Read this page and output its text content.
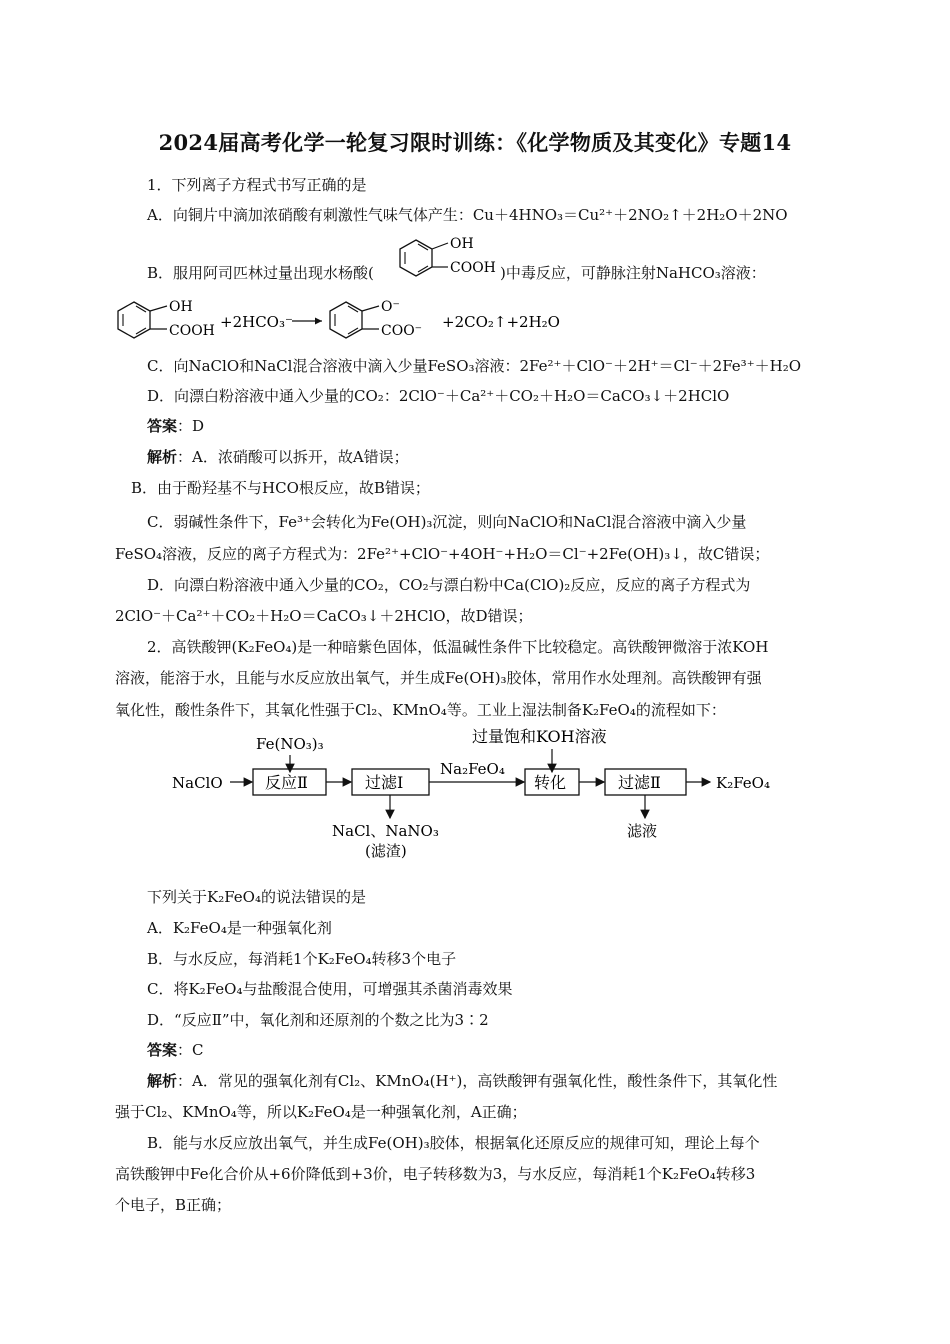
2024届高考化学一轮复习限时训练：《化学物质及其变化》专题14
1．下列离子方程式书写正确的是
A．向铜片中滴加浓硝酸有刺激性气味气体产生：Cu＋4HNO₃＝Cu²⁺＋2NO₂↑＋2H₂O＋2NO
B．服用阿司匹林过量出现水杨酸(
OH
COOH )中毒反应，可静脉注射NaHCO₃溶液：
OH
COOH +2HCO₃⁻
O⁻
COO⁻ +2CO₂↑+2H₂O
C．向NaClO和NaCl混合溶液中滴入少量FeSO₃溶液：2Fe²⁺＋ClO⁻＋2H⁺＝Cl⁻＋2Fe³⁺＋H₂O
D．向漂白粉溶液中通入少量的CO₂：2ClO⁻＋Ca²⁺＋CO₂＋H₂O＝CaCO₃↓＋2HClO
答案：D
解析：A．浓硝酸可以拆开，故A错误；
B．由于酚羟基不与HCO根反应，故B错误；
C．弱碱性条件下，Fe³⁺会转化为Fe(OH)₃沉淀，则向NaClO和NaCl混合溶液中滴入少量
FeSO₄溶液，反应的离子方程式为：2Fe²⁺+ClO⁻+4OH⁻+H₂O＝Cl⁻+2Fe(OH)₃↓，故C错误；
D．向漂白粉溶液中通入少量的CO₂，CO₂与漂白粉中Ca(ClO)₂反应，反应的离子方程式为
2ClO⁻＋Ca²⁺＋CO₂＋H₂O＝CaCO₃↓＋2HClO，故D错误；
2．高铁酸钾(K₂FeO₄)是一种暗紫色固体，低温碱性条件下比较稳定。高铁酸钾微溶于浓KOH
溶液，能溶于水，且能与水反应放出氧气，并生成Fe(OH)₃胶体，常用作水处理剂。高铁酸钾有强
氧化性，酸性条件下，其氧化性强于Cl₂、KMnO₄等。工业上湿法制备K₂FeO₄的流程如下：
Fe(NO₃)₃	过量饱和KOH溶液
NaClO	反应Ⅱ	过滤Ⅰ
Na₂FeO₄
转化	过滤Ⅱ	K₂FeO₄
NaCl、NaNO₃
(滤渣)
滤液
下列关于K₂FeO₄的说法错误的是
A．K₂FeO₄是一种强氧化剂
B．与水反应，每消耗1个K₂FeO₄转移3个电子
C．将K₂FeO₄与盐酸混合使用，可增强其杀菌消毒效果
D．“反应Ⅱ”中，氧化剂和还原剂的个数之比为3∶2
答案：C
解析：A．常见的强氧化剂有Cl₂、KMnO₄(H⁺)，高铁酸钾有强氧化性，酸性条件下，其氧化性
强于Cl₂、KMnO₄等，所以K₂FeO₄是一种强氧化剂，A正确；
B．能与水反应放出氧气，并生成Fe(OH)₃胶体，根据氧化还原反应的规律可知，理论上每个
高铁酸钾中Fe化合价从+6价降低到+3价，电子转移数为3，与水反应，每消耗1个K₂FeO₄转移3
个电子，B正确；
